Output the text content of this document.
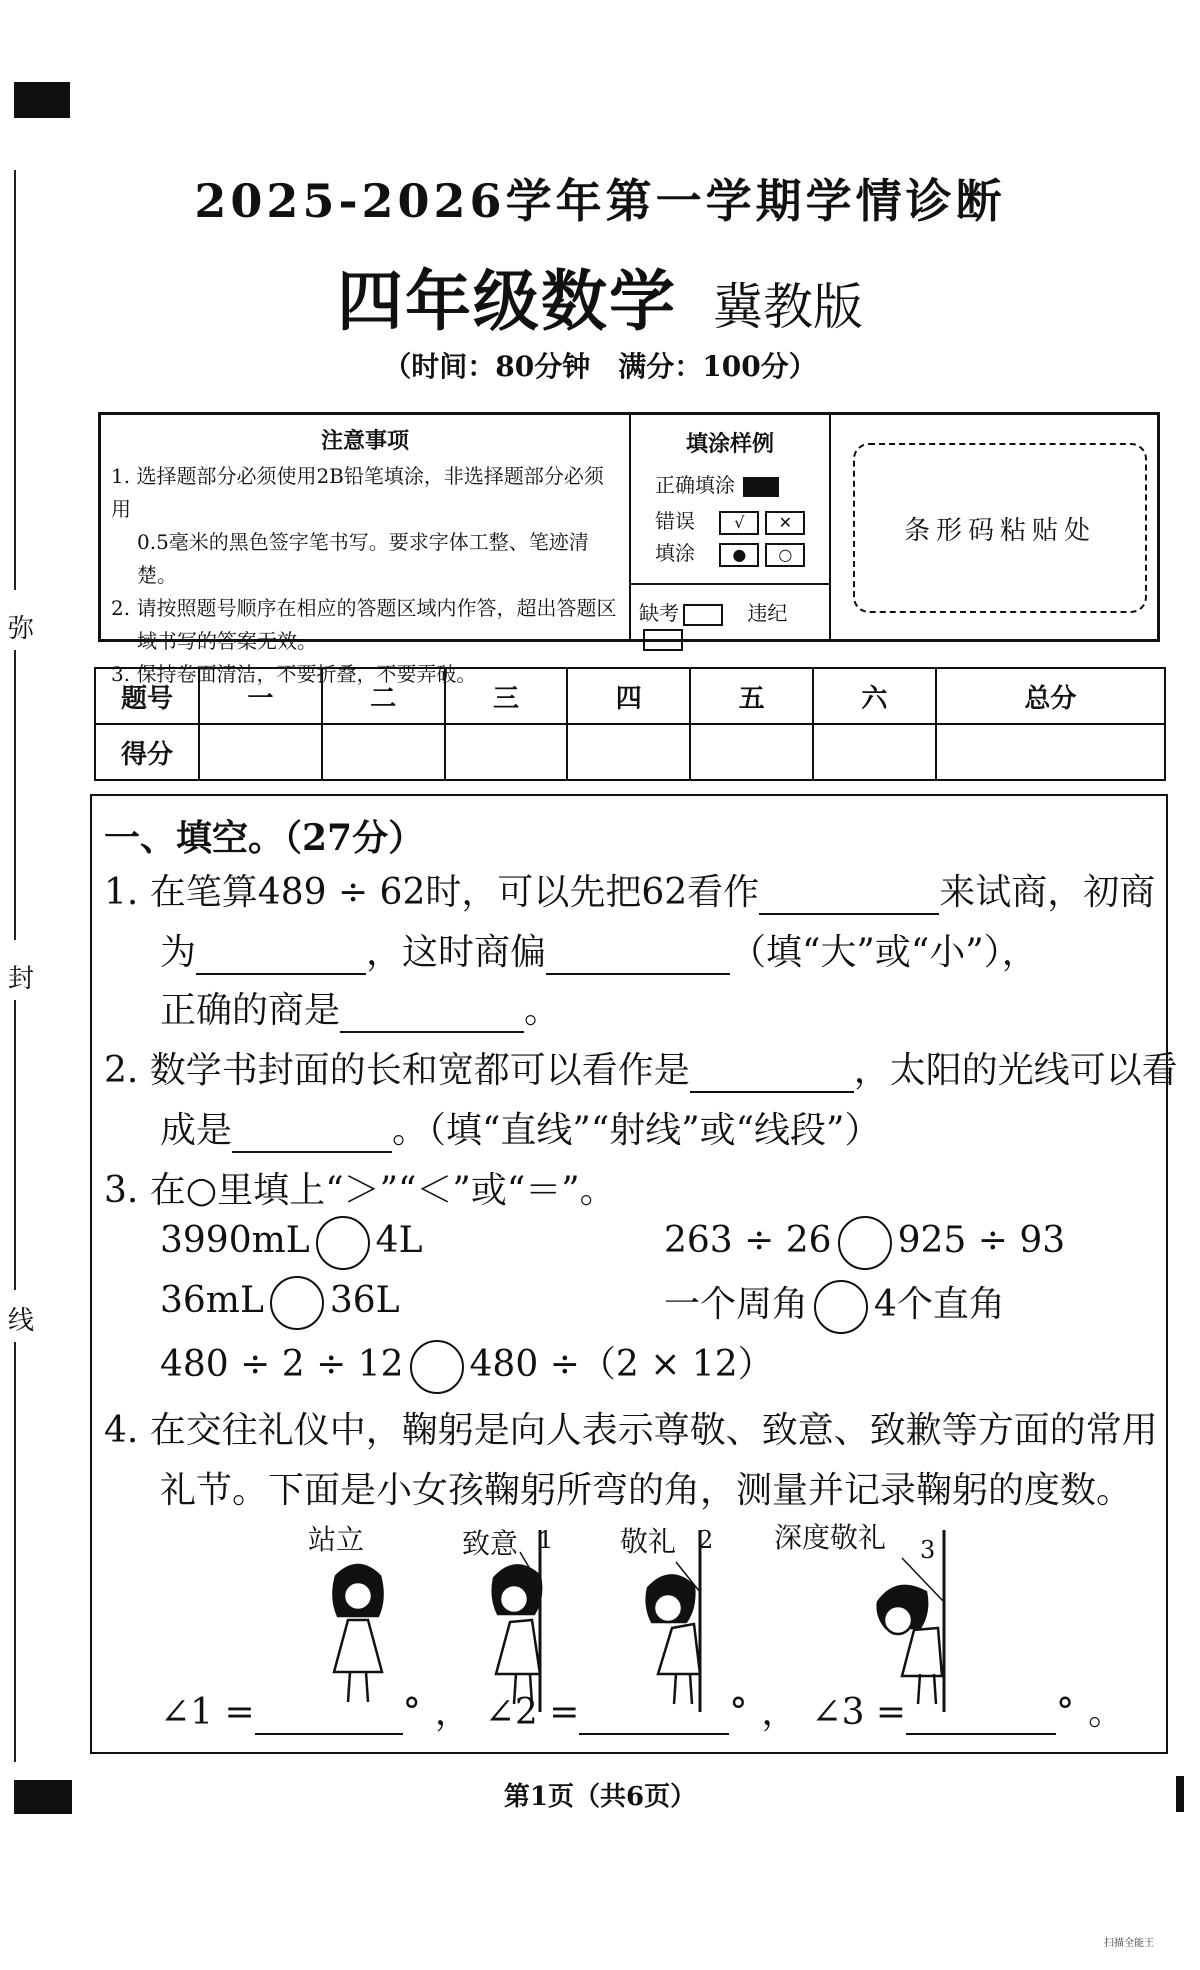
弥
封
线
2025-2026学年第一学期学情诊断
四年级数学 冀教版
（时间：80分钟　满分：100分）
注意事项
1. 选择题部分必须使用2B铅笔填涂，非选择题部分必须用
0.5毫米的黑色签字笔书写。要求字体工整、笔迹清楚。
2. 请按照题号顺序在相应的答题区域内作答，超出答题区
域书写的答案无效。
3. 保持卷面清洁，不要折叠，不要弄破。
填涂样例
正确填涂
错误 √ ✕
填涂 ● ○
缺考	违纪
条形码粘贴处
题号	一	二	三	四	五	六	总分
得分							
一、填空。（27分）
1. 在笔算489 ÷ 62时，可以先把62看作	来试商，初商
为	，这时商偏	（填“大”或“小”），
正确的商是	。
2. 数学书封面的长和宽都可以看作是	，太阳的光线可以看
成是	。（填“直线”“射线”或“线段”）
3. 在○里填上“＞”“＜”或“＝”。
3990mL 4L	263 ÷ 26 925 ÷ 93
36mL 36L	一个周角 4个直角
480 ÷ 2 ÷ 12 480 ÷（2 × 12）
4. 在交往礼仪中，鞠躬是向人表示尊敬、致意、致歉等方面的常用
礼节。下面是小女孩鞠躬所弯的角，测量并记录鞠躬的度数。
站立	致意	敬礼	深度敬礼
1	2	3
∠1 =	° ， ∠2 =	° ， ∠3 =	° 。
第1页（共6页）
扫描全能王
